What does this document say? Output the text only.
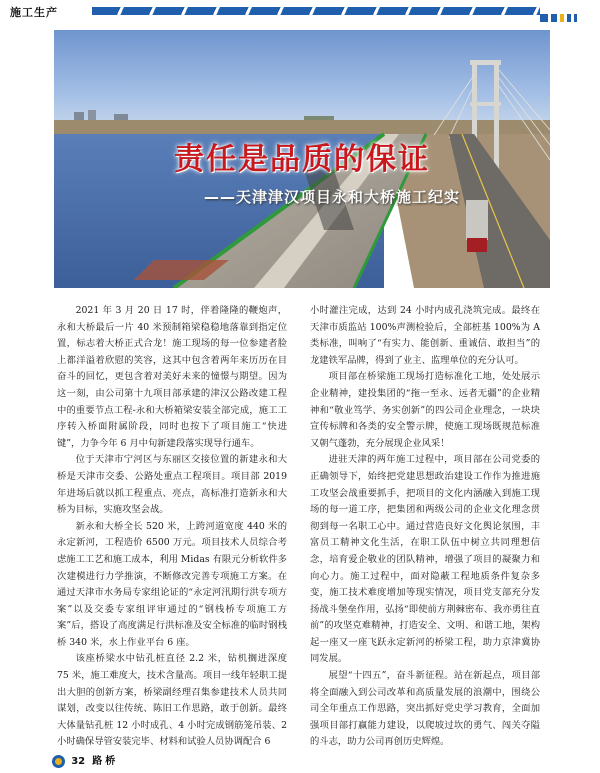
施工生产
责任是品质的保证
——天津津汉项目永和大桥施工纪实

2021 年 3 月 20 日 17 时，伴着隆隆的鞭炮声，永和大桥最后一片 40 米预制箱梁稳稳地落靠到指定位置，标志着大桥正式合龙！施工现场的每一位参建者脸上都洋溢着欣慰的笑容，这其中包含着两年来历历在目奋斗的回忆，更包含着对美好未来的憧憬与期望。因为这一刻，由公司第十九项目部承建的津汉公路改建工程中的重要节点工程-永和大桥箱梁安装全部完成，施工工序转入桥面附属阶段，同时也按下了项目施工“快进键”，力争今年 6 月中旬新建段落实现导行通车。

位于天津市宁河区与东丽区交接位置的新建永和大桥是天津市交委、公路处重点工程项目。项目部 2019 年进场后就以抓工程重点、亮点，高标准打造新永和大桥为目标，实施攻坚会战。

新永和大桥全长 520 米，上跨河道宽度 440 米的永定新河，工程造价 6500 万元。项目技术人员综合考虑施工工艺和施工成本，利用 Midas 有限元分析软件多次建模进行力学推演，不断修改完善专项施工方案。在通过天津市水务局专家组论证的“永定河汛期行洪专项方案”以及交委专家组评审通过的“钢栈桥专项施工方案”后，搭设了高度满足行洪标准及安全标准的临时钢栈桥 340 米，水上作业平台 6 座。

该座桥梁水中钻孔桩直径 2.2 米，钻机搁进深度 75 米，施工难度大，技术含量高。项目一线年轻职工提出大胆的创新方案，桥梁副经理召集参建技术人员共同谋划，改变以往传统、陈旧工作思路，敢于创新。最终大体量钻孔桩 12 小时成孔、4 小时完成钢筋笼吊装、2 小时确保导管安装完毕、材料和试验人员协调配合 6

小时灌注完成，达到 24 小时内成孔浇筑完成。最终在天津市质监站 100%声测检验后，全部桩基 100%为 A 类标准，叫响了“有实力、能创新、重诚信、敢担当”的龙建铁军品牌，得到了业主、监理单位的充分认可。

项目部在桥梁施工现场打造标准化工地，处处展示企业精神，建投集团的“拖一至永、远者无疆”的企业精神和“敬业笃学、务实创新”的四公司企业理念，一块块宣传标牌和各类的安全警示牌，使施工现场既规范标准又朝气蓬勃，充分展现企业风采！

进驻天津的两年施工过程中，项目部在公司党委的正确领导下，始终把党建思想政治建设工作作为推进施工攻坚会战重要抓手，把项目的文化内涵融入到施工现场的每一道工序，把集团和两级公司的企业文化理念贯彻到每一名职工心中。通过营造良好文化舆论氛围，丰富员工精神文化生活，在职工队伍中树立共同理想信念，培育爱企敬业的团队精神，增强了项目的凝聚力和向心力。施工过程中，面对隐蔽工程地质条件复杂多变，施工技术难度增加等现实情况，项目党支部充分发扬战斗堡垒作用，弘扬“即使前方荆棘密布、我亦勇往直前”的攻坚克难精神，打造安全、文明、和谐工地，架构起一座又一座飞跃永定新河的桥梁工程，助力京津冀协同发展。

展望“十四五”，奋斗新征程。站在新起点，项目部将全面融入到公司改革和高质量发展的浪潮中，围绕公司全年重点工作思路，突出抓好党史学习教育，全面加强项目部打赢能力建设，以爬坡过坎的勇气、闯关夺隘的斗志，助力公司再创历史辉煌。

32 路桥
